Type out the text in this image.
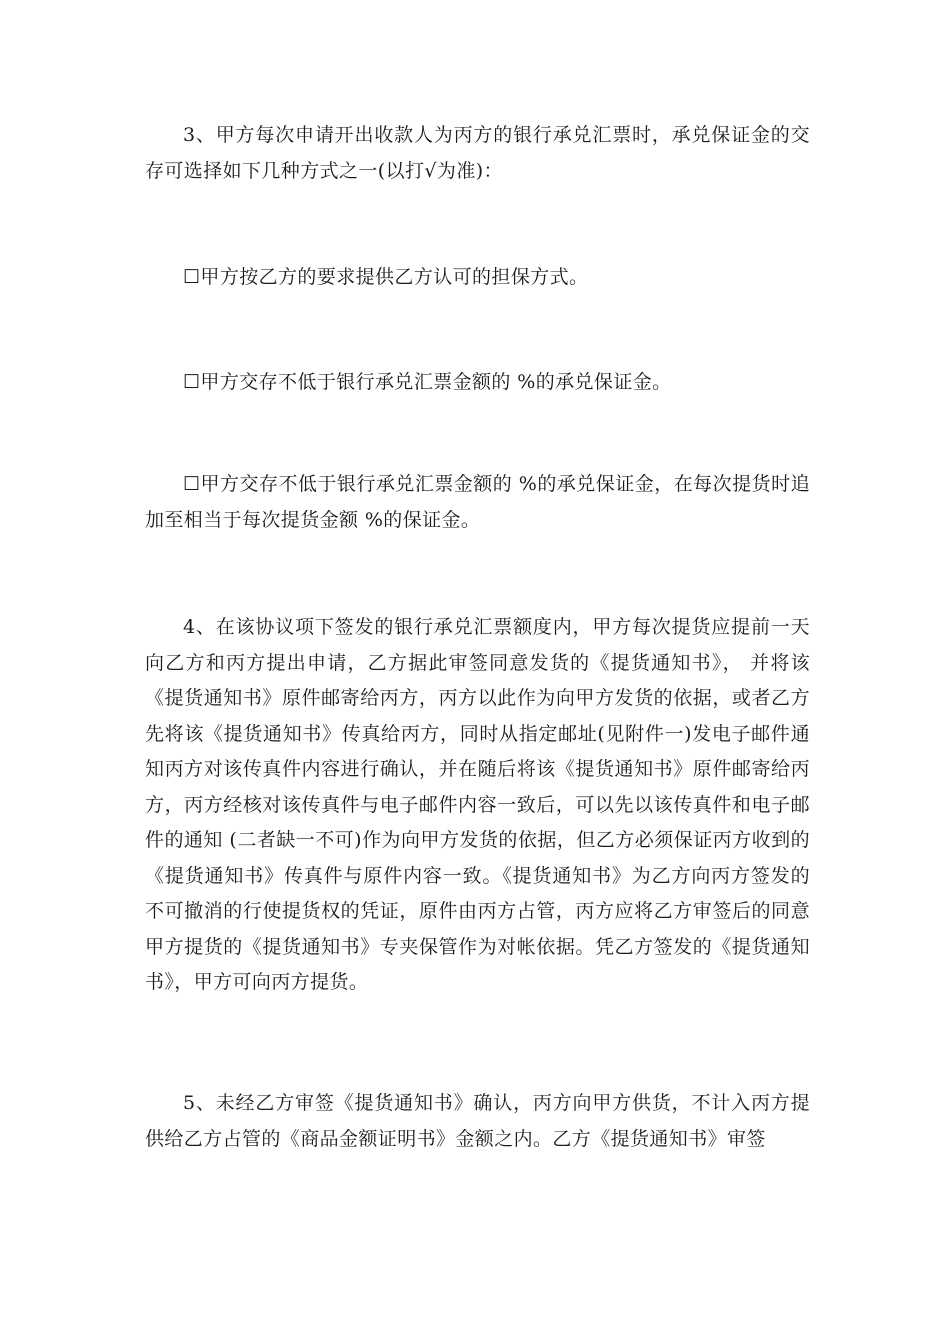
3、甲方每次申请开出收款人为丙方的银行承兑汇票时，承兑保证金的交存可选择如下几种方式之一(以打√为准)：

☐甲方按乙方的要求提供乙方认可的担保方式。

☐甲方交存不低于银行承兑汇票金额的 %的承兑保证金。

☐甲方交存不低于银行承兑汇票金额的 %的承兑保证金，在每次提货时追加至相当于每次提货金额 %的保证金。

4、在该协议项下签发的银行承兑汇票额度内，甲方每次提货应提前一天向乙方和丙方提出申请，乙方据此审签同意发货的《提货通知书》， 并将该《提货通知书》原件邮寄给丙方，丙方以此作为向甲方发货的依据，或者乙方先将该《提货通知书》传真给丙方，同时从指定邮址(见附件一)发电子邮件通知丙方对该传真件内容进行确认，并在随后将该《提货通知书》原件邮寄给丙方，丙方经核对该传真件与电子邮件内容一致后，可以先以该传真件和电子邮件的通知 (二者缺一不可)作为向甲方发货的依据，但乙方必须保证丙方收到的《提货通知书》传真件与原件内容一致。《提货通知书》为乙方向丙方签发的不可撤消的行使提货权的凭证，原件由丙方占管，丙方应将乙方审签后的同意甲方提货的《提货通知书》专夹保管作为对帐依据。凭乙方签发的《提货通知书》，甲方可向丙方提货。

5、未经乙方审签《提货通知书》确认，丙方向甲方供货，不计入丙方提供给乙方占管的《商品金额证明书》金额之内。乙方《提货通知书》审签
